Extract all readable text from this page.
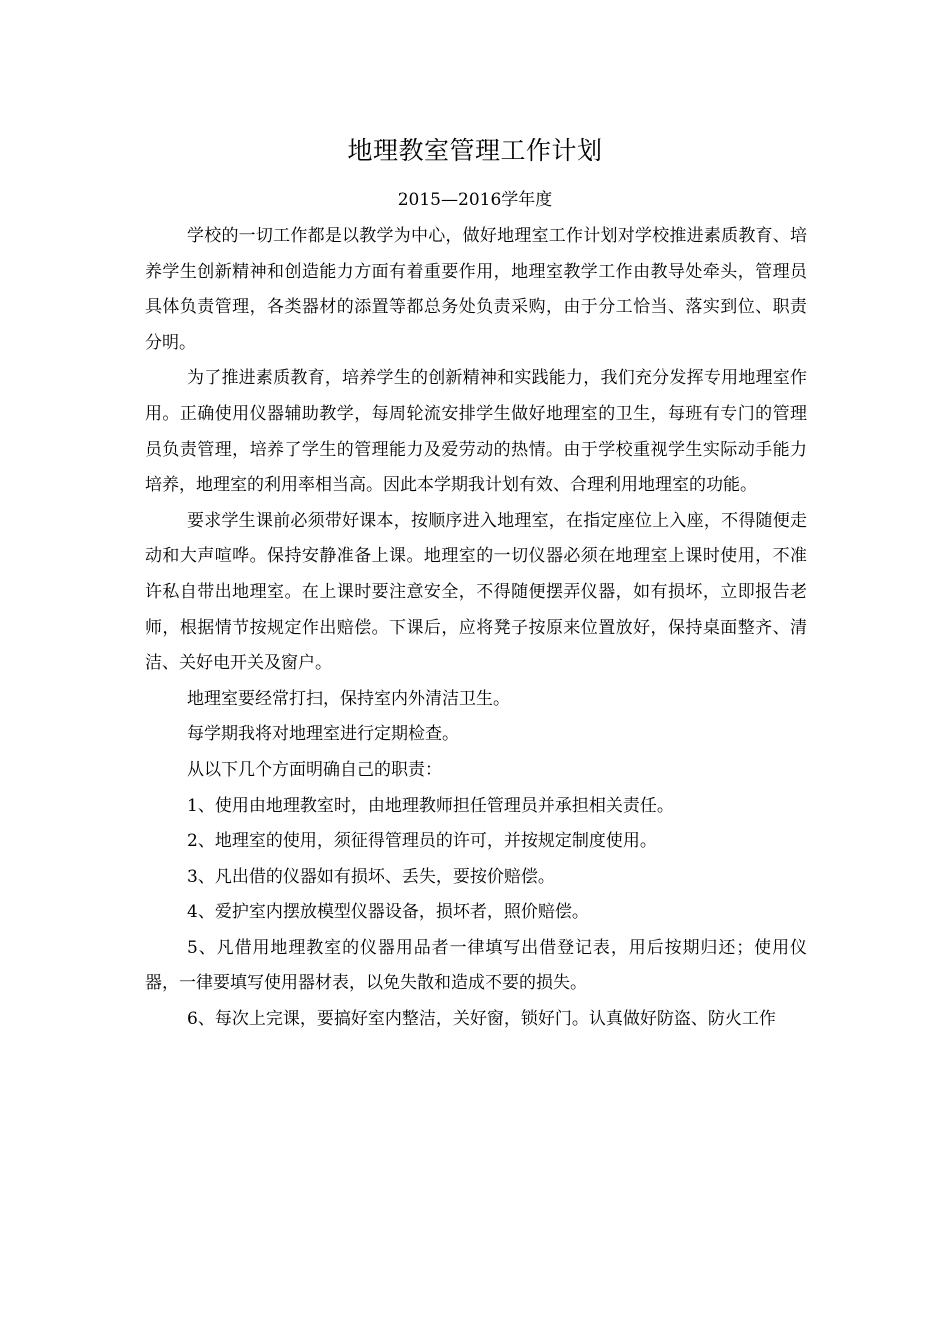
地理教室管理工作计划
2015—2016学年度

学校的一切工作都是以教学为中心，做好地理室工作计划对学校推进素质教育、培养学生创新精神和创造能力方面有着重要作用，地理室教学工作由教导处牵头，管理员具体负责管理，各类器材的添置等都总务处负责采购，由于分工恰当、落实到位、职责分明。

为了推进素质教育，培养学生的创新精神和实践能力，我们充分发挥专用地理室作用。正确使用仪器辅助教学，每周轮流安排学生做好地理室的卫生，每班有专门的管理员负责管理，培养了学生的管理能力及爱劳动的热情。由于学校重视学生实际动手能力培养，地理室的利用率相当高。因此本学期我计划有效、合理利用地理室的功能。

要求学生课前必须带好课本，按顺序进入地理室，在指定座位上入座，不得随便走动和大声喧哗。保持安静准备上课。地理室的一切仪器必须在地理室上课时使用，不准许私自带出地理室。在上课时要注意安全，不得随便摆弄仪器，如有损坏，立即报告老师，根据情节按规定作出赔偿。下课后，应将凳子按原来位置放好，保持桌面整齐、清洁、关好电开关及窗户。

地理室要经常打扫，保持室内外清洁卫生。

每学期我将对地理室进行定期检查。

从以下几个方面明确自己的职责：

1、使用由地理教室时，由地理教师担任管理员并承担相关责任。

2、地理室的使用，须征得管理员的许可，并按规定制度使用。

3、凡出借的仪器如有损坏、丢失，要按价赔偿。

4、爱护室内摆放模型仪器设备，损坏者，照价赔偿。

5、凡借用地理教室的仪器用品者一律填写出借登记表，用后按期归还；使用仪器，一律要填写使用器材表，以免失散和造成不要的损失。

6、每次上完课，要搞好室内整洁，关好窗，锁好门。认真做好防盗、防火工作
